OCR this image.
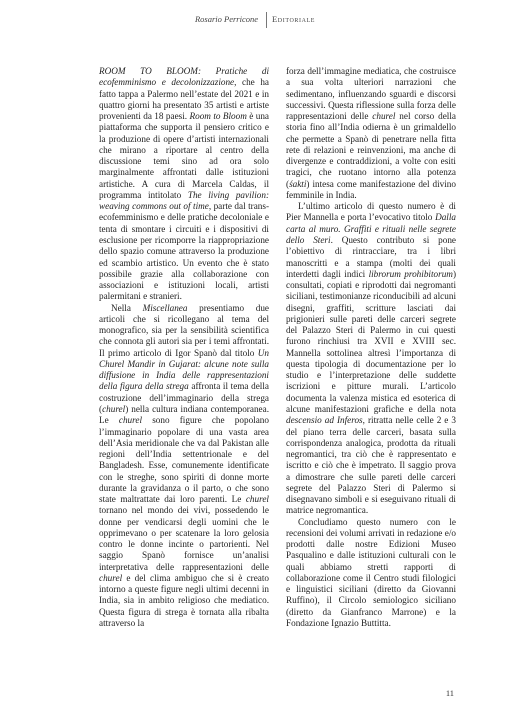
Rosario Perricone Editoriale

ROOM TO BLOOM: Pratiche di ecofemminismo e decolonizzazione, che ha fatto tappa a Palermo nell’estate del 2021 e in quattro giorni ha presentato 35 artisti e artiste provenienti da 18 paesi. Room to Bloom è una piattaforma che supporta il pensiero critico e la produzione di opere d’artisti internazionali che mirano a riportare al centro della discussione temi sino ad ora solo marginalmente affrontati dalle istituzioni artistiche. A cura di Marcela Caldas, il programma intitolato The living pavilion: weaving commons out of time, parte dal trans-ecofemminismo e delle pratiche decoloniale e tenta di smontare i circuiti e i dispositivi di esclusione per ricomporre la riappropriazione dello spazio comune attraverso la produzione ed scambio artistico. Un evento che è stato possibile grazie alla collaborazione con associazioni e istituzioni locali, artisti palermitani e stranieri.

Nella Miscellanea presentiamo due articoli che si ricollegano al tema del monografico, sia per la sensibilità scientifica che connota gli autori sia per i temi affrontati. Il primo articolo di Igor Spanò dal titolo Un Churel Mandir in Gujarat: alcune note sulla diffusione in India delle rappresentazioni della figura della strega affronta il tema della costruzione dell’immaginario della strega (churel) nella cultura indiana contemporanea. Le churel sono figure che popolano l’immaginario popolare di una vasta area dell’Asia meridionale che va dal Pakistan alle regioni dell’India settentrionale e del Bangladesh. Esse, comunemente identificate con le streghe, sono spiriti di donne morte durante la gravidanza o il parto, o che sono state maltrattate dai loro parenti. Le churel tornano nel mondo dei vivi, possedendo le donne per vendicarsi degli uomini che le opprimevano o per scatenare la loro gelosia contro le donne incinte o partorienti. Nel saggio Spanò fornisce un’analisi interpretativa delle rappresentazioni delle churel e del clima ambiguo che si è creato intorno a queste figure negli ultimi decenni in India, sia in ambito religioso che mediatico. Questa figura di strega è tornata alla ribalta attraverso la

forza dell’immagine mediatica, che costruisce a sua volta ulteriori narrazioni che sedimentano, influenzando sguardi e discorsi successivi. Questa riflessione sulla forza delle rappresentazioni delle churel nel corso della storia fino all’India odierna è un grimaldello che permette a Spanò di penetrare nella fitta rete di relazioni e reinvenzioni, ma anche di divergenze e contraddizioni, a volte con esiti tragici, che ruotano intorno alla potenza (śakti) intesa come manifestazione del divino femminile in India.

L’ultimo articolo di questo numero è di Pier Mannella e porta l’evocativo titolo Dalla carta al muro. Graffiti e rituali nelle segrete dello Steri. Questo contributo si pone l’obiettivo di rintracciare, tra i libri manoscritti e a stampa (molti dei quali interdetti dagli indici librorum prohibitorum) consultati, copiati e riprodotti dai negromanti siciliani, testimonianze riconducibili ad alcuni disegni, graffiti, scritture lasciati dai prigionieri sulle pareti delle carceri segrete del Palazzo Steri di Palermo in cui questi furono rinchiusi tra XVII e XVIII sec. Mannella sottolinea altresì l’importanza di questa tipologia di documentazione per lo studio e l’interpretazione delle suddette iscrizioni e pitture murali. L’articolo documenta la valenza mistica ed esoterica di alcune manifestazioni grafiche e della nota descensio ad Inferos, ritratta nelle celle 2 e 3 del piano terra delle carceri, basata sulla corrispondenza analogica, prodotta da rituali negromantici, tra ciò che è rappresentato e iscritto e ciò che è impetrato. Il saggio prova a dimostrare che sulle pareti delle carceri segrete del Palazzo Steri di Palermo si disegnavano simboli e si eseguivano rituali di matrice negromantica.

Concludiamo questo numero con le recensioni dei volumi arrivati in redazione e/o prodotti dalle nostre Edizioni Museo Pasqualino e dalle istituzioni culturali con le quali abbiamo stretti rapporti di collaborazione come il Centro studi filologici e linguistici siciliani (diretto da Giovanni Ruffino), il Circolo semiologico siciliano (diretto da Gianfranco Marrone) e la Fondazione Ignazio Buttitta.

11
